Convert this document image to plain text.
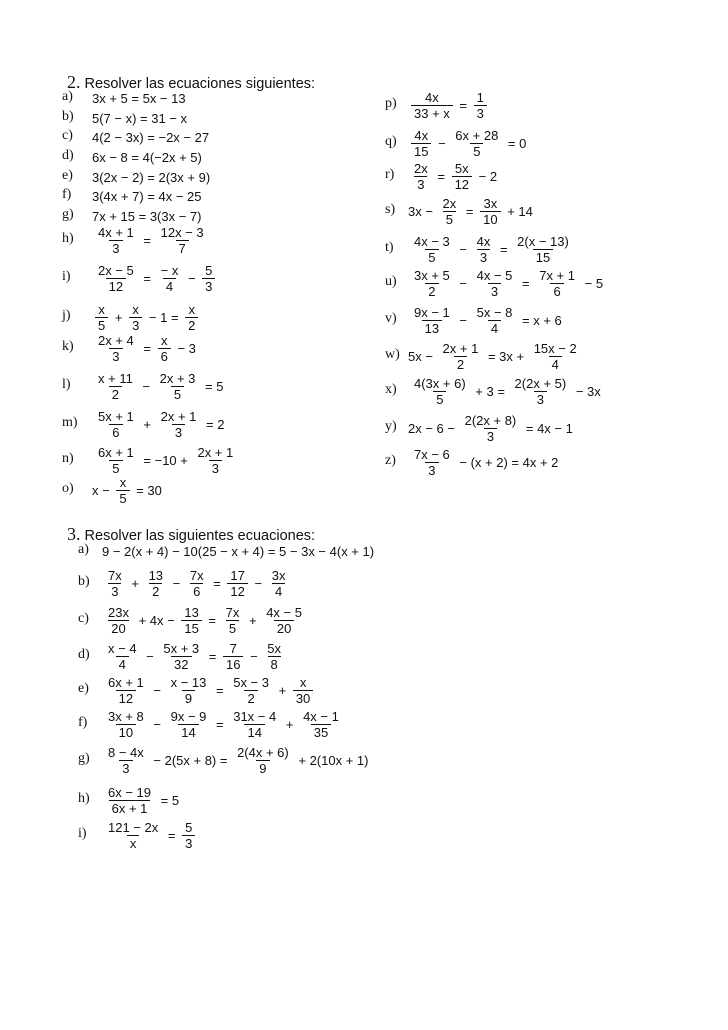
2. Resolver las ecuaciones siguientes:
3. Resolver las siguientes ecuaciones:
a) 3x + 5 = 5x − 13
b) 5(7 − x) = 31 − x
c) 4(2 − 3x) = −2x − 27
d) 6x − 8 = 4(−2x + 5)
e) 3(2x − 2) = 2(3x + 9)
f) 3(4x + 7) = 4x − 25
g) 7x + 15 = 3(3x − 7)
$h) \frac{4x + 1}{3} = \frac{12x - 3}{7}$
$i) \frac{2x - 5}{12} = \frac{- x}{4} - \frac{5}{3}$
$j) \frac{x}{5} + \frac{x}{3} - 1 = \frac{x}{2}$
$k) \frac{2x + 4}{3} = \frac{x}{6} - 3$
$l) \frac{x + 11}{2} - \frac{2x + 3}{5} = 5$
$m) \frac{5x + 1}{6} + \frac{2x + 1}{3} = 2$
$n) \frac{6x + 1}{5} = -10 + \frac{2x + 1}{3}$
o) $x - \frac{x}{5} = 30$
$p) \frac{4x}{33 + x} = \frac{1}{3}$
$q) \frac{4x}{15} - \frac{6x + 28}{5} = 0$
$r) \frac{2x}{3} = \frac{5x}{12} - 2$
s) $3x - \frac{2x}{5} = \frac{3x}{10} + 14$
$t) \frac{4x - 3}{5} - \frac{4x}{3} = \frac{2(x - 13)}{15}$
$u) \frac{3x + 5}{2} - \frac{4x - 5}{3} = \frac{7x + 1}{6} - 5$
$v) \frac{9x - 1}{13} - \frac{5x - 8}{4} = x + 6$
w) $5x - \frac{2x + 1}{2} = 3x + \frac{15x - 2}{4}$
$x) \frac{4(3x + 6)}{5} + 3 = \frac{2(2x + 5)}{3} - 3x$
y) $2x - 6 - \frac{2(2x + 8)}{3} = 4x - 1$
$z) \frac{7x - 6}{3} - (x + 2) = 4x + 2$
a) 9 − 2(x + 4) − 10(25 − x + 4) = 5 − 3x − 4(x + 1)
$b) \frac{7x}{3} + \frac{13}{2} - \frac{7x}{6} = \frac{17}{12} - \frac{3x}{4}$
$c) \frac{23x}{20} + 4x - \frac{13}{15} = \frac{7x}{5} + \frac{4x - 5}{20}$
$d) \frac{x - 4}{4} - \frac{5x + 3}{32} = \frac{7}{16} - \frac{5x}{8}$
$e) \frac{6x + 1}{12} - \frac{x - 13}{9} = \frac{5x - 3}{2} + \frac{x}{30}$
$f) \frac{3x + 8}{10} - \frac{9x - 9}{14} = \frac{31x - 4}{14} + \frac{4x - 1}{35}$
$g) \frac{8 - 4x}{3} - 2(5x + 8) = \frac{2(4x + 6)}{9} + 2(10x + 1)$
$h) \frac{6x - 19}{6x + 1} = 5$
$i) \frac{121 - 2x}{x} = \frac{5}{3}$
